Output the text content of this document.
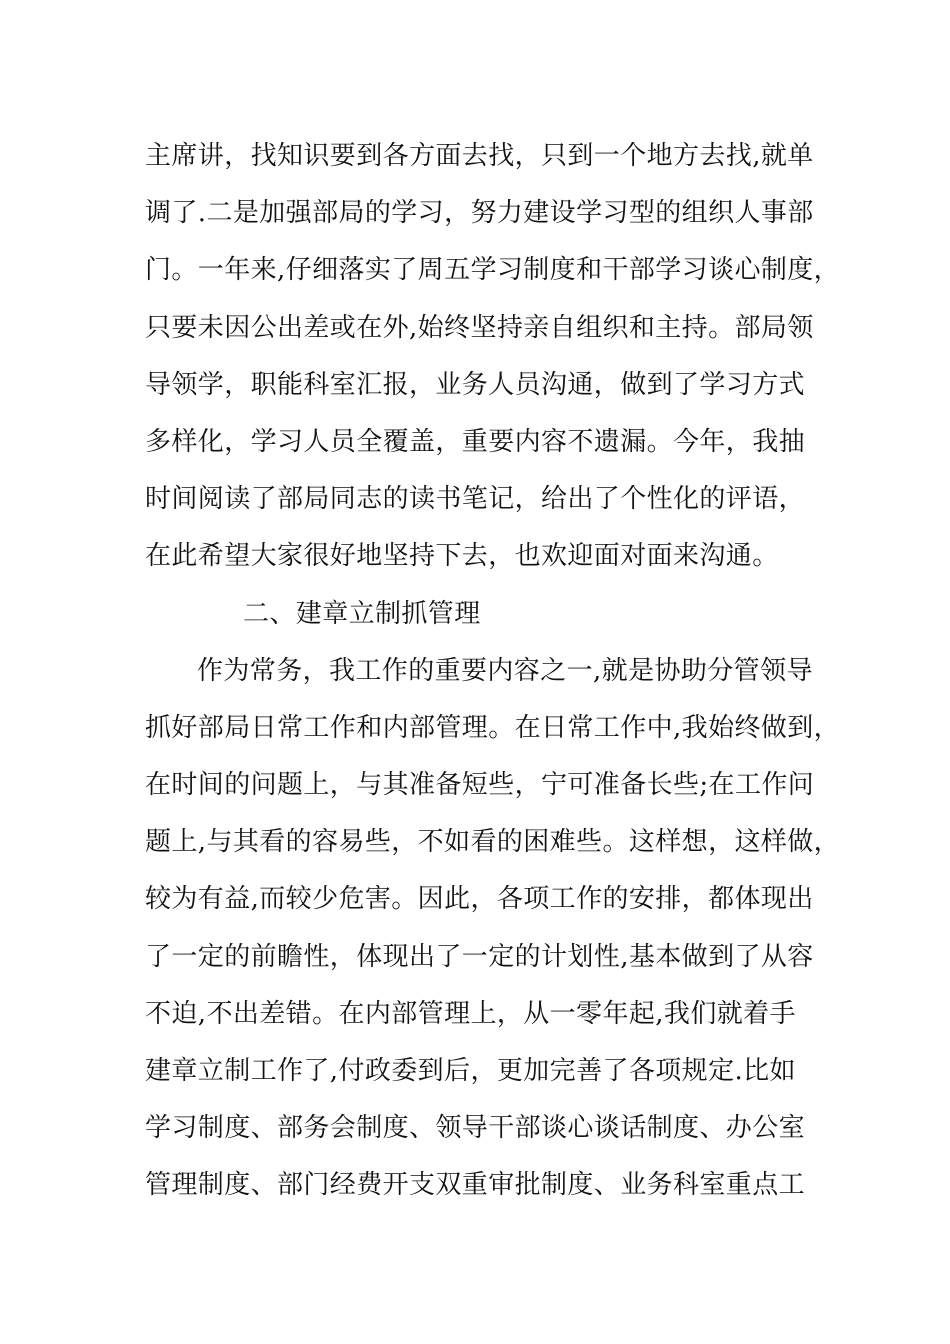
主席讲，找知识要到各方面去找，只到一个地方去找,就单
调了.二是加强部局的学习，努力建设学习型的组织人事部
门。一年来,仔细落实了周五学习制度和干部学习谈心制度，
只要未因公出差或在外,始终坚持亲自组织和主持。部局领
导领学，职能科室汇报，业务人员沟通，做到了学习方式
多样化，学习人员全覆盖，重要内容不遗漏。今年，我抽
时间阅读了部局同志的读书笔记，给出了个性化的评语，
在此希望大家很好地坚持下去，也欢迎面对面来沟通。
二、建章立制抓管理
作为常务，我工作的重要内容之一,就是协助分管领导
抓好部局日常工作和内部管理。在日常工作中,我始终做到，
在时间的问题上，与其准备短些，宁可准备长些;在工作问
题上,与其看的容易些，不如看的困难些。这样想，这样做，
较为有益,而较少危害。因此，各项工作的安排，都体现出
了一定的前瞻性，体现出了一定的计划性,基本做到了从容
不迫,不出差错。在内部管理上，从一零年起,我们就着手
建章立制工作了,付政委到后，更加完善了各项规定.比如
学习制度、部务会制度、领导干部谈心谈话制度、办公室
管理制度、部门经费开支双重审批制度、业务科室重点工
